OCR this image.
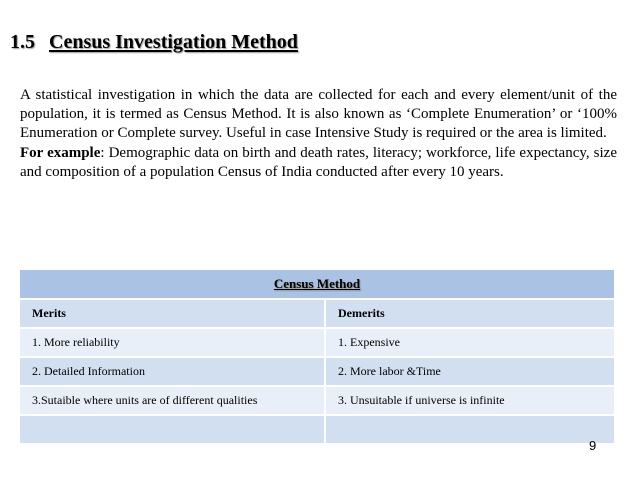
1.5 Census Investigation Method

A statistical investigation in which the data are collected for each and every element/unit of the population, it is termed as Census Method. It is also known as ‘Complete Enumeration’ or ‘100% Enumeration or Complete survey. Useful in case Intensive Study is required or the area is limited.

For example: Demographic data on birth and death rates, literacy; workforce, life expectancy, size and composition of a population Census of India conducted after every 10 years.

Census Method	
Merits	Demerits
1. More reliability	1. Expensive
2. Detailed Information	2. More labor &Time
3.Sutaible where units are of different qualities	3. Unsuitable if universe is infinite

9
